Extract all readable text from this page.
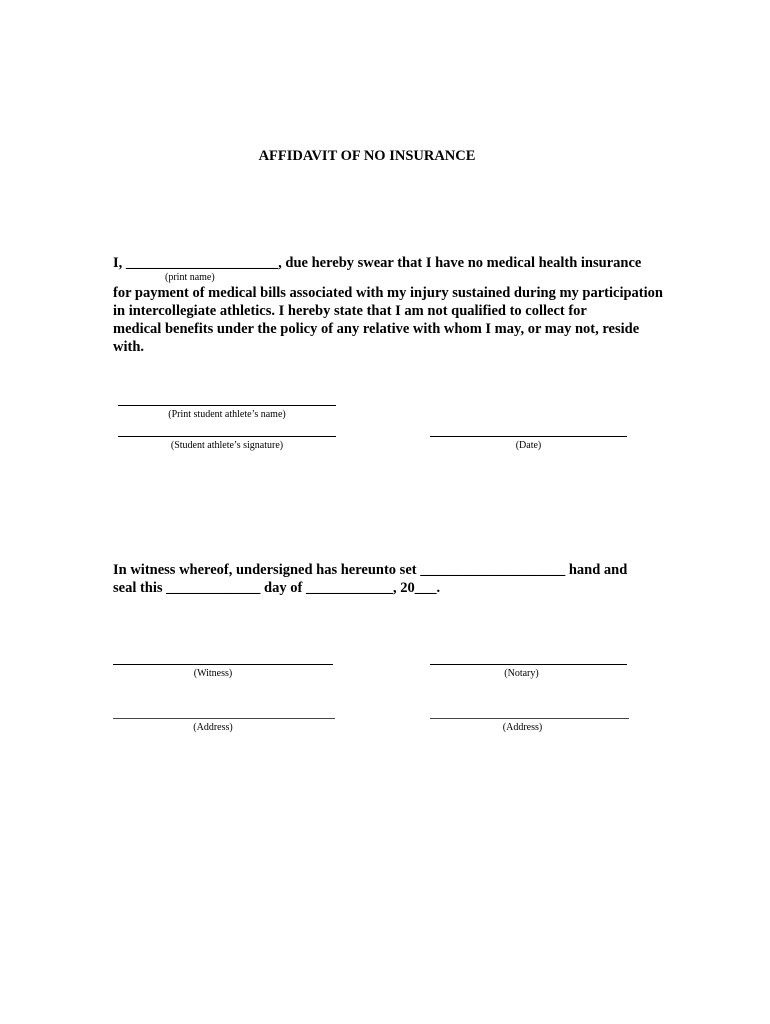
AFFIDAVIT OF NO INSURANCE
I, _____________________, due hereby swear that I have no medical health insurance
(print name)
for payment of medical bills associated with my injury sustained during my participation
in intercollegiate athletics. I hereby state that I am not qualified to collect for
medical benefits under the policy of any relative with whom I may, or may not, reside
with.
(Print student athlete’s name)
(Student athlete’s signature)	(Date)
In witness whereof, undersigned has hereunto set ____________________ hand and
seal this _____________ day of ____________, 20___.
(Witness)	(Notary)
(Address)	(Address)
